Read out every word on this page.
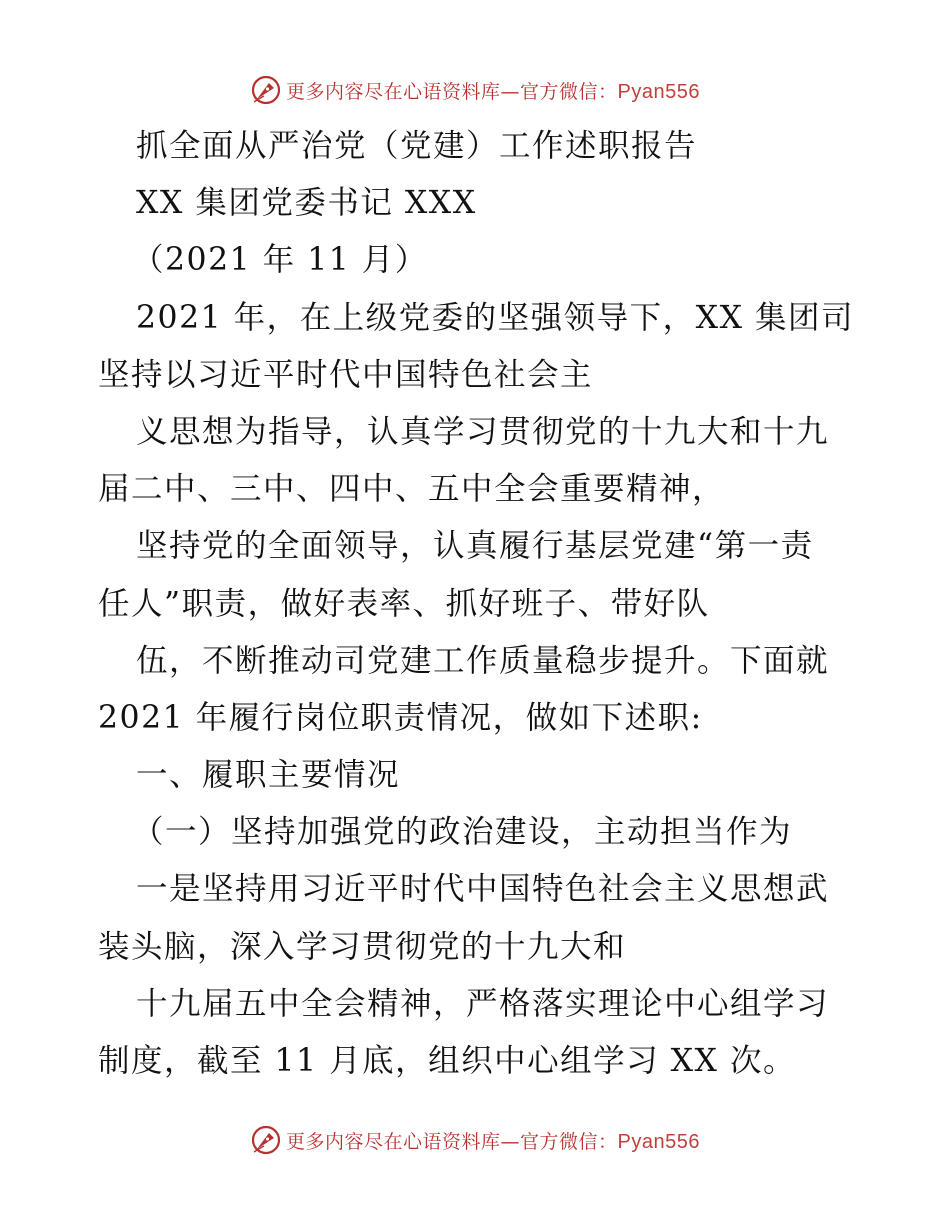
更多内容尽在心语资料库—官方微信：Pyan556
抓全面从严治党（党建）工作述职报告
XX 集团党委书记 XXX
（2021 年 11 月）
2021 年，在上级党委的坚强领导下，XX 集团司
坚持以习近平时代中国特色社会主
义思想为指导，认真学习贯彻党的十九大和十九
届二中、三中、四中、五中全会重要精神，
坚持党的全面领导，认真履行基层党建“第一责
任人”职责，做好表率、抓好班子、带好队
伍，不断推动司党建工作质量稳步提升。下面就
2021 年履行岗位职责情况，做如下述职:
一、履职主要情况
（一）坚持加强党的政治建设，主动担当作为
一是坚持用习近平时代中国特色社会主义思想武
装头脑，深入学习贯彻党的十九大和
十九届五中全会精神，严格落实理论中心组学习
制度，截至 11 月底，组织中心组学习 XX 次。
更多内容尽在心语资料库—官方微信：Pyan556
